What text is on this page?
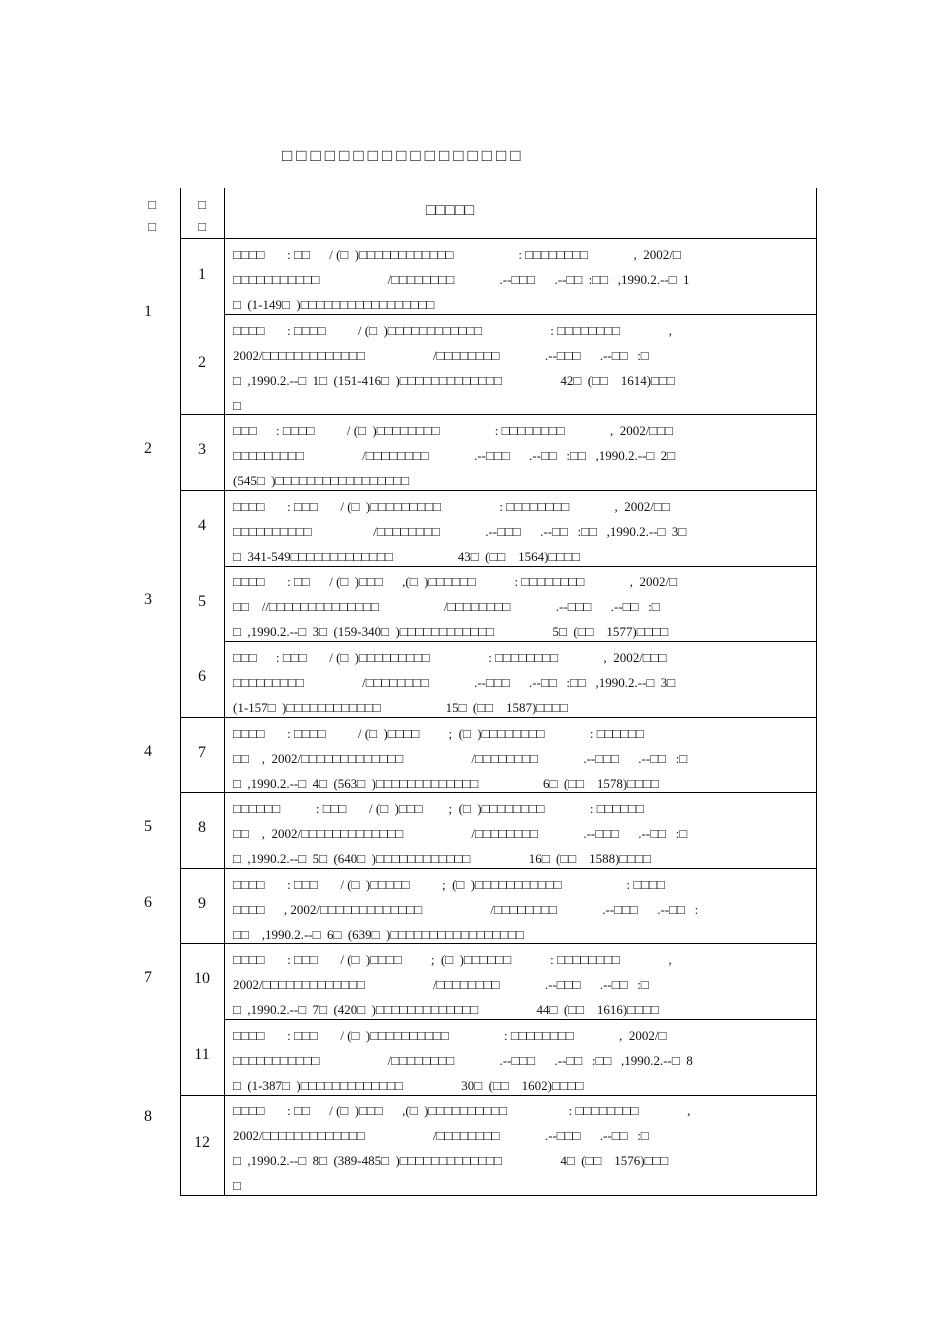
□□□□□□□□□□□□□□□□□
□
□
□
□
□□□□□
1
2
3
4
5
6
7
8
1
2
3
4
5
6
7
8
9
10
11
12
□□□□       : □□      / (□  )□□□□□□□□□□□□                    : □□□□□□□□              ,  2002/□
□□□□□□□□□□□                     /□□□□□□□□              .--□□□      .--□□  :□□   ,1990.2.--□  1
□  (1-149□  )□□□□□□□□□□□□□□□□□
□□□□       : □□□□          / (□  )□□□□□□□□□□□□                     : □□□□□□□□               ,
2002/□□□□□□□□□□□□□                     /□□□□□□□□              .--□□□      .--□□   :□
□  ,1990.2.--□  1□  (151-416□  )□□□□□□□□□□□□□                  42□  (□□    1614)□□□
□
□□□      : □□□□          / (□  )□□□□□□□□                 : □□□□□□□□              ,  2002/□□□
□□□□□□□□□                  /□□□□□□□□              .--□□□      .--□□   :□□   ,1990.2.--□  2□
(545□  )□□□□□□□□□□□□□□□□□
□□□□       : □□□       / (□  )□□□□□□□□□                  : □□□□□□□□              ,  2002/□□
□□□□□□□□□□                   /□□□□□□□□              .--□□□      .--□□   :□□   ,1990.2.--□  3□
□  341-549□□□□□□□□□□□□□                    43□  (□□    1564)□□□□
□□□□       : □□      / (□  )□□□      ,(□  )□□□□□□            : □□□□□□□□              ,  2002/□
□□    //□□□□□□□□□□□□□□                    /□□□□□□□□              .--□□□      .--□□   :□
□  ,1990.2.--□  3□  (159-340□  )□□□□□□□□□□□□                  5□  (□□    1577)□□□□
□□□      : □□□       / (□  )□□□□□□□□□                  : □□□□□□□□              ,  2002/□□□
□□□□□□□□□                  /□□□□□□□□              .--□□□      .--□□   :□□   ,1990.2.--□  3□
(1-157□  )□□□□□□□□□□□□                    15□  (□□    1587)□□□□
□□□□       : □□□□          / (□  )□□□□         ;  (□  )□□□□□□□□              : □□□□□□
□□    ,  2002/□□□□□□□□□□□□□                     /□□□□□□□□              .--□□□      .--□□   :□
□  ,1990.2.--□  4□  (563□  )□□□□□□□□□□□□□                    6□  (□□    1578)□□□□
□□□□□□           : □□□       / (□  )□□□        ;  (□  )□□□□□□□□              : □□□□□□
□□    ,  2002/□□□□□□□□□□□□□                     /□□□□□□□□              .--□□□      .--□□   :□
□  ,1990.2.--□  5□  (640□  )□□□□□□□□□□□□                  16□  (□□    1588)□□□□
□□□□       : □□□       / (□  )□□□□□          ;  (□  )□□□□□□□□□□□                    : □□□□
□□□□      , 2002/□□□□□□□□□□□□□                     /□□□□□□□□              .--□□□      .--□□   :
□□    ,1990.2.--□  6□  (639□  )□□□□□□□□□□□□□□□□□
□□□□       : □□□       / (□  )□□□□         ;  (□  )□□□□□□            : □□□□□□□□               ,
2002/□□□□□□□□□□□□□                     /□□□□□□□□              .--□□□      .--□□   :□
□  ,1990.2.--□  7□  (420□  )□□□□□□□□□□□□□                  44□  (□□    1616)□□□□
□□□□       : □□□       / (□  )□□□□□□□□□□                 : □□□□□□□□              ,  2002/□
□□□□□□□□□□□                     /□□□□□□□□              .--□□□      .--□□   :□□   ,1990.2.--□  8
□  (1-387□  )□□□□□□□□□□□□□                  30□  (□□    1602)□□□□
□□□□       : □□      / (□  )□□□      ,(□  )□□□□□□□□□□                   : □□□□□□□□               ,
2002/□□□□□□□□□□□□□                     /□□□□□□□□              .--□□□      .--□□   :□
□  ,1990.2.--□  8□  (389-485□  )□□□□□□□□□□□□□                  4□  (□□    1576)□□□
□
